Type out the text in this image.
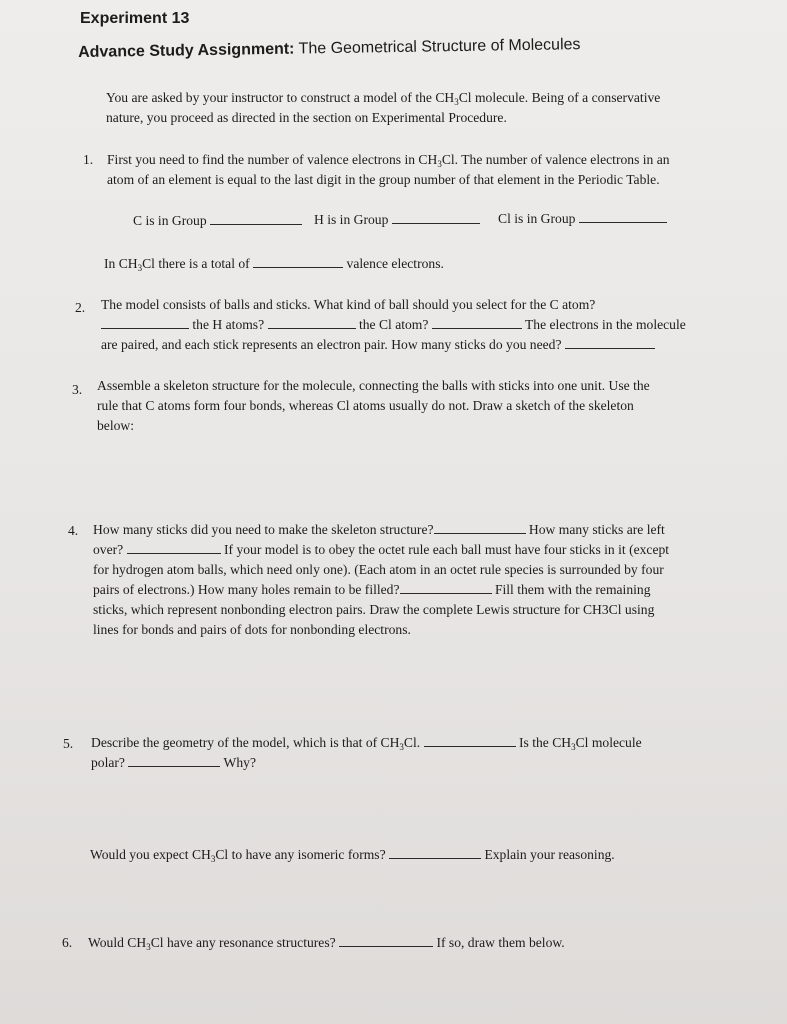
Experiment 13
Advance Study Assignment: The Geometrical Structure of Molecules
You are asked by your instructor to construct a model of the $CH_3Cl$ molecule. Being of a conservative
nature, you proceed as directed in the section on Experimental Procedure.
1. First you need to find the number of valence electrons in $CH_3Cl$. The number of valence electrons in an
atom of an element is equal to the last digit in the group number of that element in the Periodic Table.
C is in Group	H is in Group	Cl is in Group
In $CH_3Cl$ there is a total of	valence electrons.
2. The model consists of balls and sticks. What kind of ball should you select for the C atom?
the H atoms?	the Cl atom?	The electrons in the molecule
are paired, and each stick represents an electron pair. How many sticks do you need?
3. Assemble a skeleton structure for the molecule, connecting the balls with sticks into one unit. Use the
rule that C atoms form four bonds, whereas Cl atoms usually do not. Draw a sketch of the skeleton
below:
4. How many sticks did you need to make the skeleton structure?	How many sticks are left
over?	If your model is to obey the octet rule each ball must have four sticks in it (except
for hydrogen atom balls, which need only one). (Each atom in an octet rule species is surrounded by four
pairs of electrons.) How many holes remain to be filled?	Fill them with the remaining
sticks, which represent nonbonding electron pairs. Draw the complete Lewis structure for CH3Cl using
lines for bonds and pairs of dots for nonbonding electrons.
5. Describe the geometry of the model, which is that of $CH_3Cl$.	Is the $CH_3Cl$ molecule
polar?	Why?
Would you expect $CH_3Cl$ to have any isomeric forms?	Explain your reasoning.
6. Would $CH_3Cl$ have any resonance structures?	If so, draw them below.
